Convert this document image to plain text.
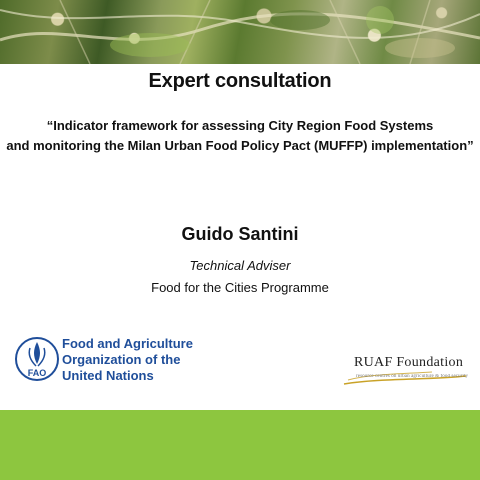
Expert consultation
“Indicator framework for assessing City Region Food Systems
and monitoring the Milan Urban Food Policy Pact (MUFFP) implementation”
Guido Santini
Technical Adviser
Food for the Cities Programme
FAO
Food and Agriculture
Organization of the
United Nations
RUAF Foundation
resource centres on urban agriculture & food security
